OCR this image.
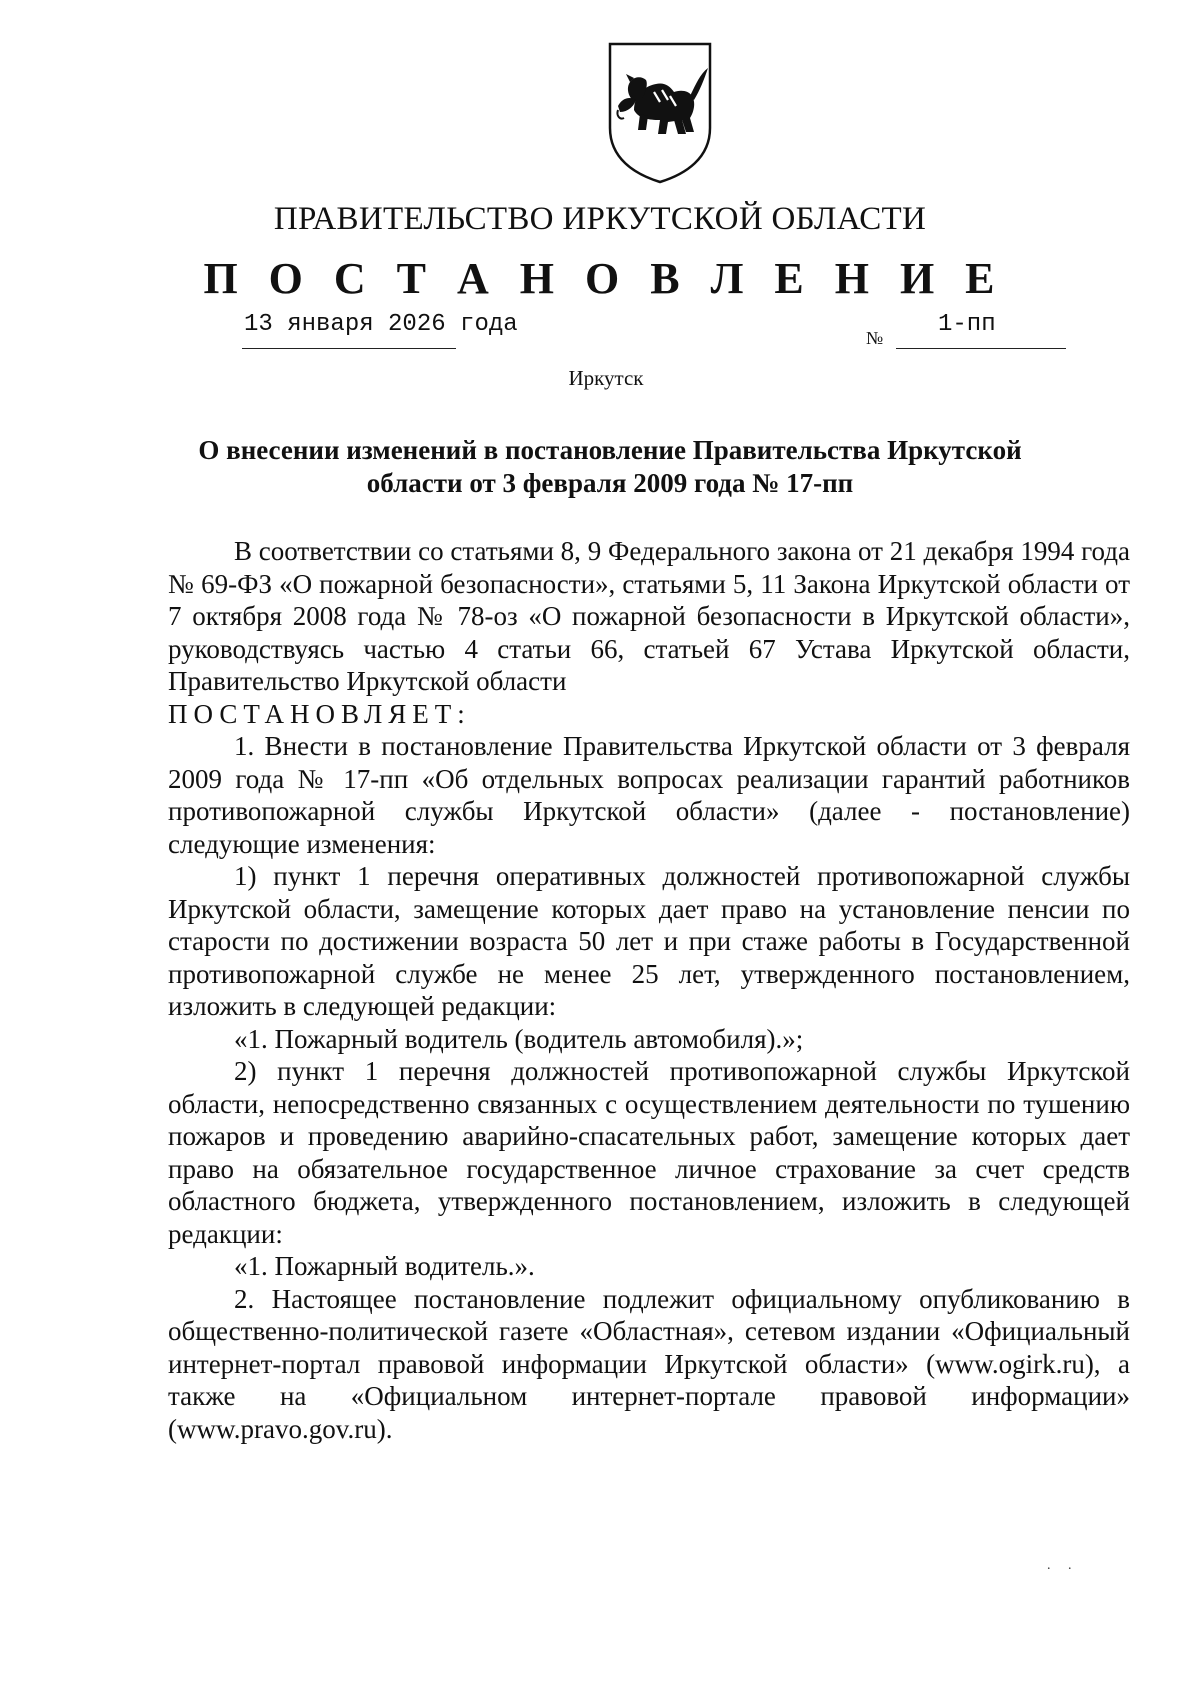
ПРАВИТЕЛЬСТВО ИРКУТСКОЙ ОБЛАСТИ
П О С Т А Н О В Л Е Н И Е
13 января 2026 года	№ 1-пп
Иркутск
О внесении изменений в постановление Правительства Иркутской
области от 3 февраля 2009 года № 17-пп

В соответствии со статьями 8, 9 Федерального закона от 21 декабря 1994 года № 69-ФЗ «О пожарной безопасности», статьями 5, 11 Закона Иркутской области от 7 октября 2008 года № 78-оз «О пожарной безопасности в Иркутской области», руководствуясь частью 4 статьи 66, статьей 67 Устава Иркутской области, Правительство Иркутской области

ПОСТАНОВЛЯЕТ:

1. Внести в постановление Правительства Иркутской области от 3 февраля 2009 года № 17-пп «Об отдельных вопросах реализации гарантий работников противопожарной службы Иркутской области» (далее - постановление) следующие изменения:

1) пункт 1 перечня оперативных должностей противопожарной службы Иркутской области, замещение которых дает право на установление пенсии по старости по достижении возраста 50 лет и при стаже работы в Государственной противопожарной службе не менее 25 лет, утвержденного постановлением, изложить в следующей редакции:

«1. Пожарный водитель (водитель автомобиля).»;

2) пункт 1 перечня должностей противопожарной службы Иркутской области, непосредственно связанных с осуществлением деятельности по тушению пожаров и проведению аварийно-спасательных работ, замещение которых дает право на обязательное государственное личное страхование за счет средств областного бюджета, утвержденного постановлением, изложить в следующей редакции:

«1. Пожарный водитель.».

2. Настоящее постановление подлежит официальному опубликованию в общественно-политической газете «Областная», сетевом издании «Официальный интернет-портал правовой информации Иркутской области» (www.ogirk.ru), а также на «Официальном интернет-портале правовой информации» (www.pravo.gov.ru).

.     .
